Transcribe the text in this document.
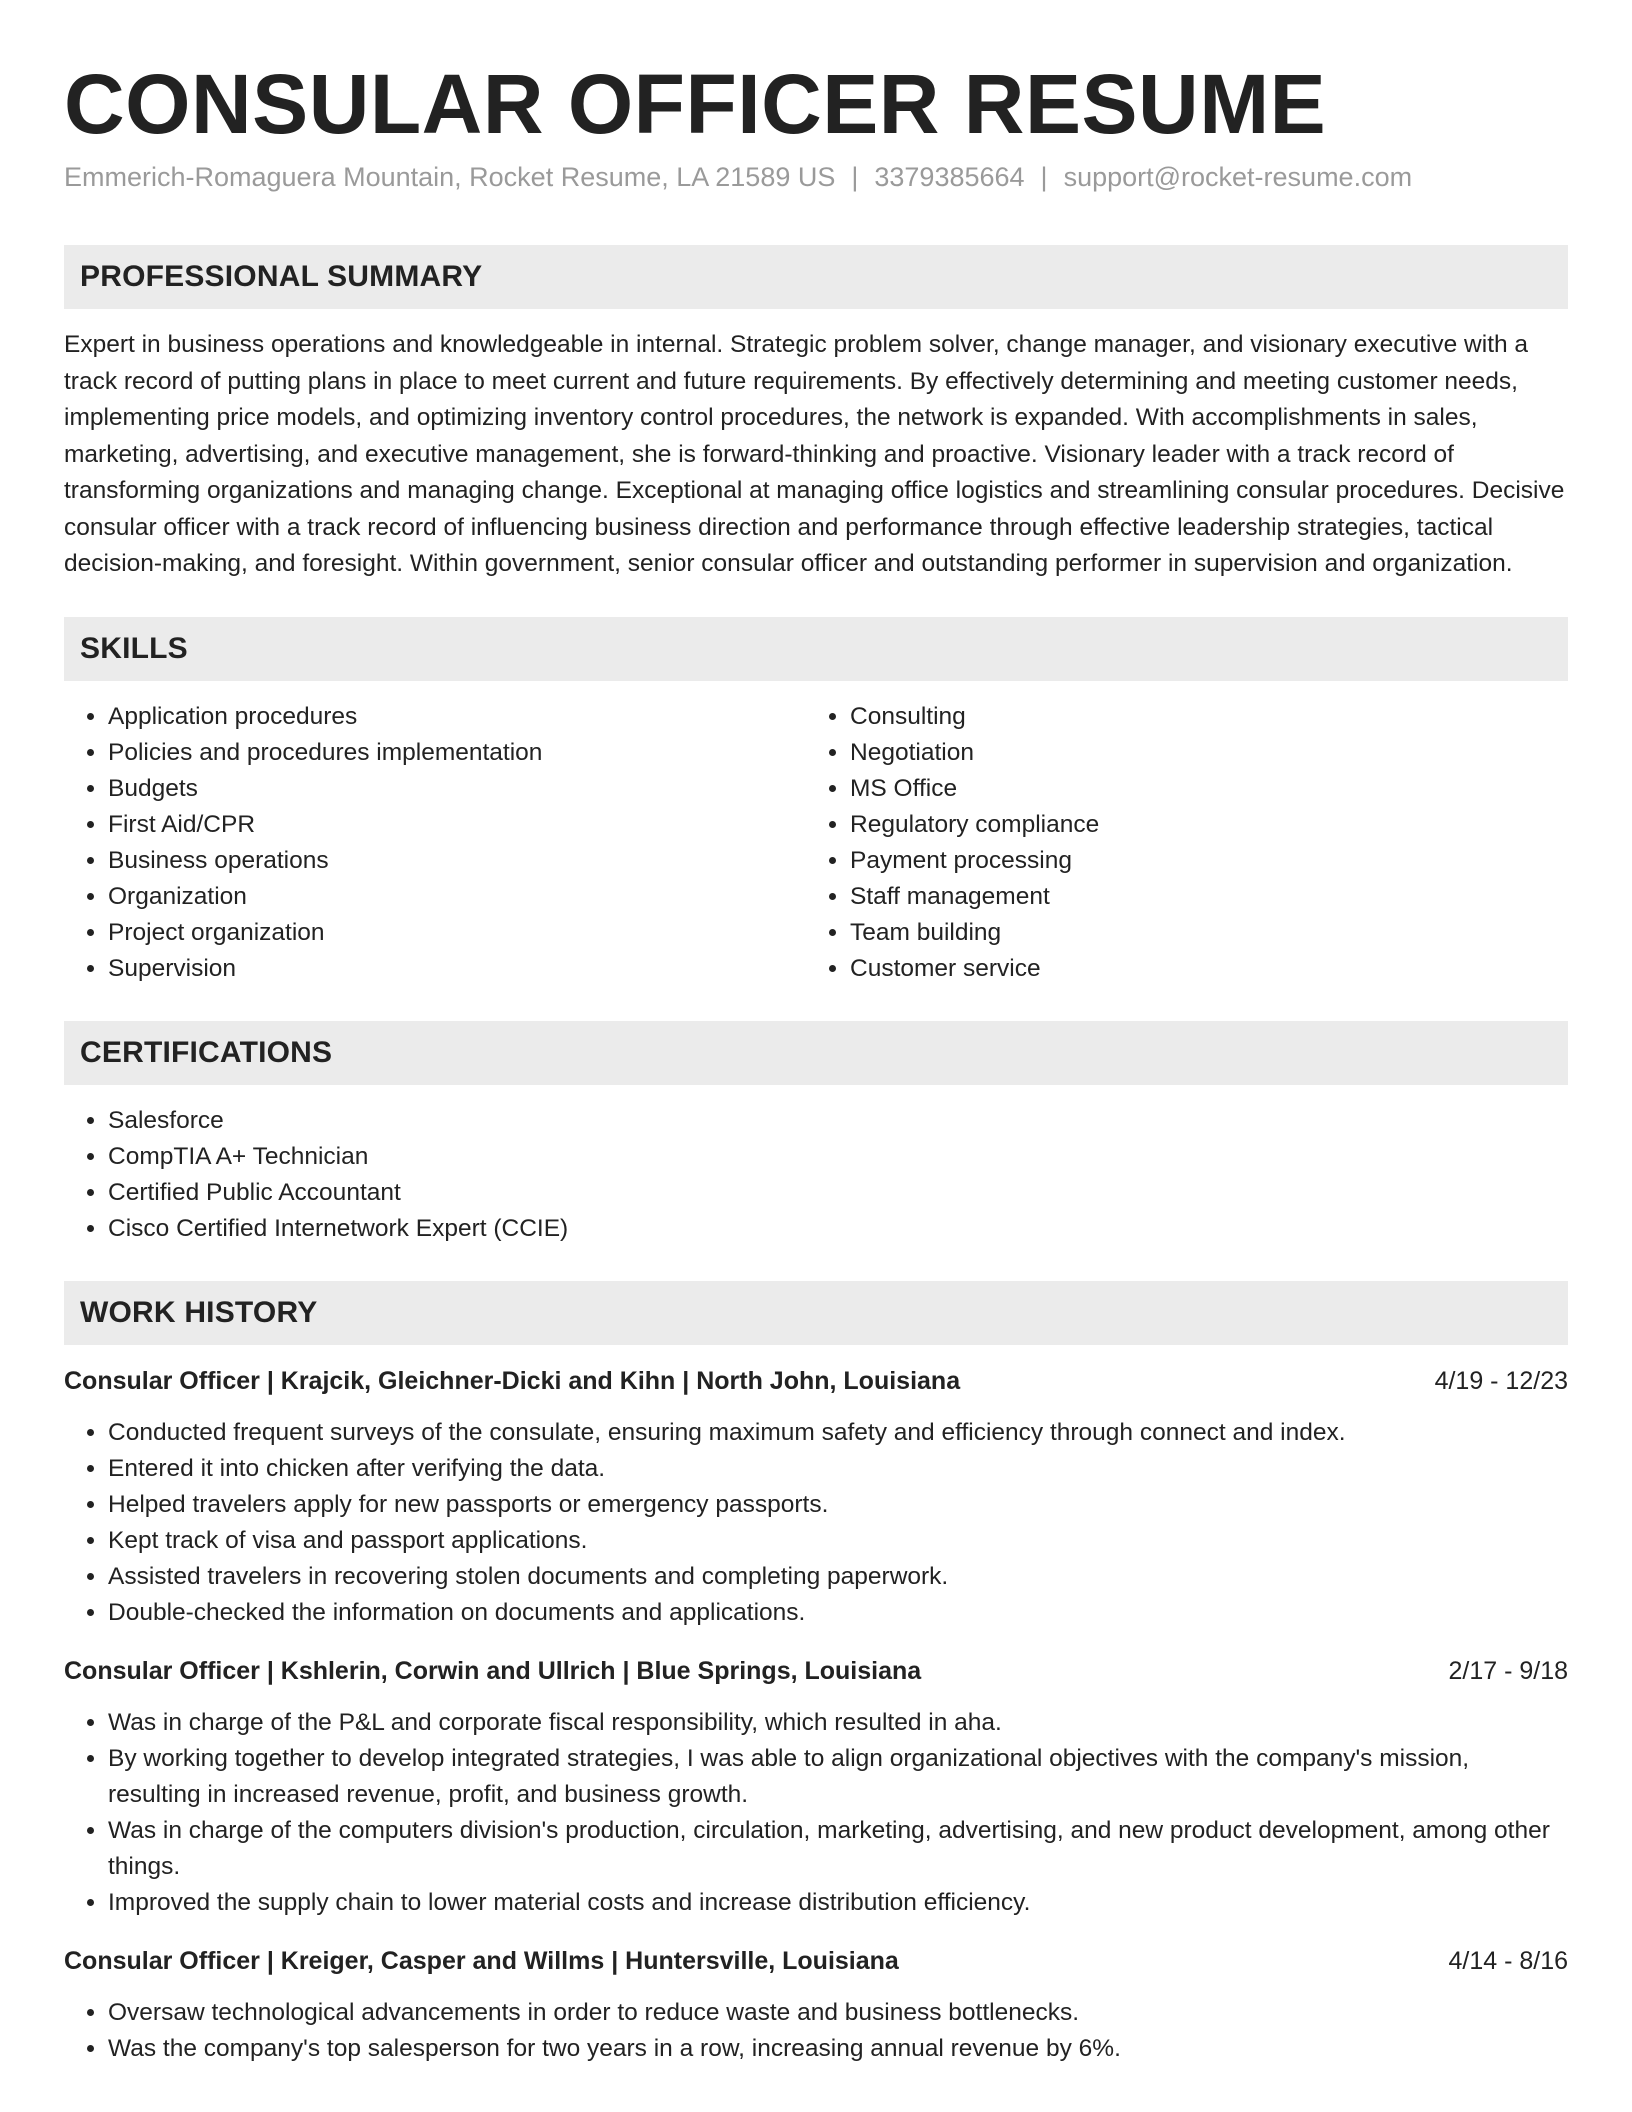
CONSULAR OFFICER RESUME
Emmerich-Romaguera Mountain, Rocket Resume, LA 21589 US | 3379385664 | support@rocket-resume.com
PROFESSIONAL SUMMARY

Expert in business operations and knowledgeable in internal. Strategic problem solver, change manager, and visionary executive with a track record of putting plans in place to meet current and future requirements. By effectively determining and meeting customer needs, implementing price models, and optimizing inventory control procedures, the network is expanded. With accomplishments in sales, marketing, advertising, and executive management, she is forward-thinking and proactive. Visionary leader with a track record of transforming organizations and managing change. Exceptional at managing office logistics and streamlining consular procedures. Decisive consular officer with a track record of influencing business direction and performance through effective leadership strategies, tactical decision-making, and foresight. Within government, senior consular officer and outstanding performer in supervision and organization.

SKILLS
• Application procedures
• Policies and procedures implementation
• Budgets
• First Aid/CPR
• Business operations
• Organization
• Project organization
• Supervision
• Consulting
• Negotiation
• MS Office
• Regulatory compliance
• Payment processing
• Staff management
• Team building
• Customer service
CERTIFICATIONS
• Salesforce
• CompTIA A+ Technician
• Certified Public Accountant
• Cisco Certified Internetwork Expert (CCIE)
WORK HISTORY
Consular Officer | Krajcik, Gleichner-Dicki and Kihn | North John, Louisiana	4/19 - 12/23
• Conducted frequent surveys of the consulate, ensuring maximum safety and efficiency through connect and index.
• Entered it into chicken after verifying the data.
• Helped travelers apply for new passports or emergency passports.
• Kept track of visa and passport applications.
• Assisted travelers in recovering stolen documents and completing paperwork.
• Double-checked the information on documents and applications.
Consular Officer | Kshlerin, Corwin and Ullrich | Blue Springs, Louisiana	2/17 - 9/18
• Was in charge of the P&L and corporate fiscal responsibility, which resulted in aha.
• By working together to develop integrated strategies, I was able to align organizational objectives with the company's mission, resulting in increased revenue, profit, and business growth.
• Was in charge of the computers division's production, circulation, marketing, advertising, and new product development, among other things.
• Improved the supply chain to lower material costs and increase distribution efficiency.
Consular Officer | Kreiger, Casper and Willms | Huntersville, Louisiana	4/14 - 8/16
• Oversaw technological advancements in order to reduce waste and business bottlenecks.
• Was the company's top salesperson for two years in a row, increasing annual revenue by 6%.
